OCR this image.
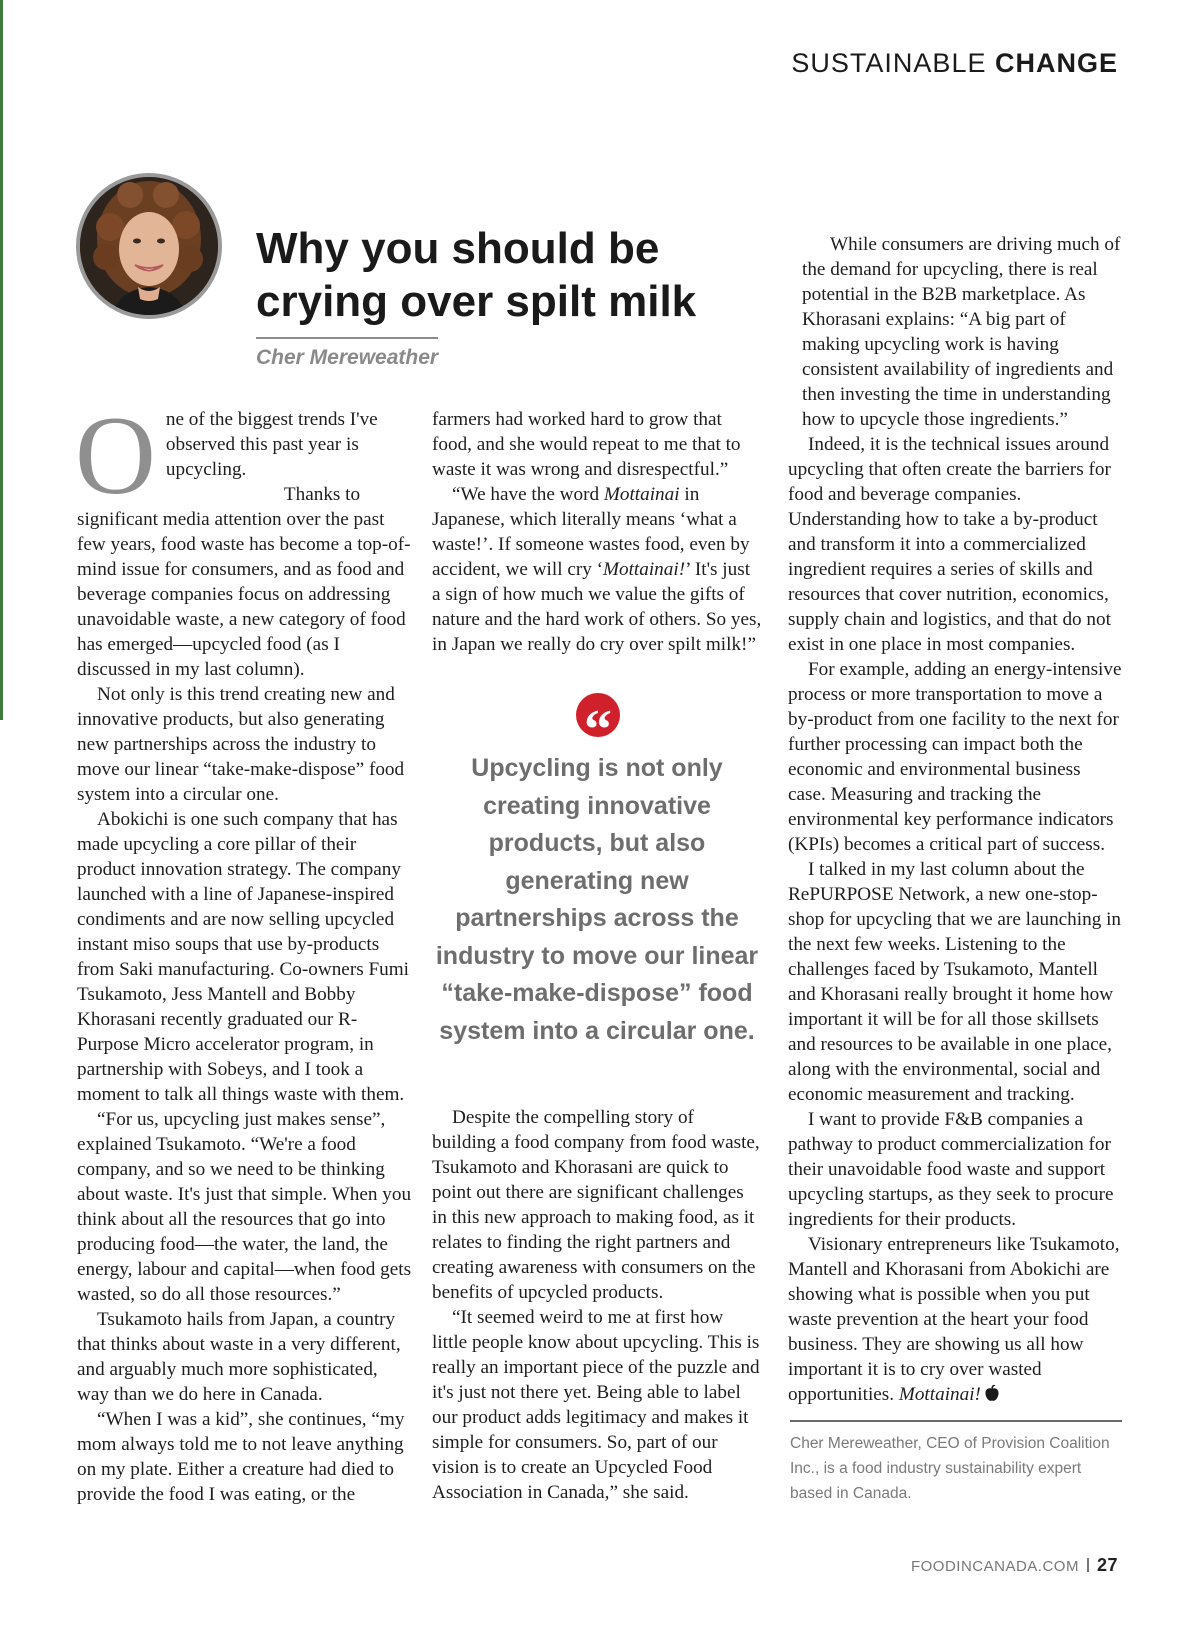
SUSTAINABLE CHANGE
Why you should be crying over spilt milk
Cher Mereweather

One of the biggest trends I've observed this past year is upcycling.

Thanks to significant media attention over the past few years, food waste has become a top-of-mind issue for consumers, and as food and beverage companies focus on addressing unavoidable waste, a new category of food has emerged—upcycled food (as I discussed in my last column).

Not only is this trend creating new and innovative products, but also generating new partnerships across the industry to move our linear “take-make-dispose” food system into a circular one.

Abokichi is one such company that has made upcycling a core pillar of their product innovation strategy. The company launched with a line of Japanese-inspired condiments and are now selling upcycled instant miso soups that use by-products from Saki manufacturing. Co-owners Fumi Tsukamoto, Jess Mantell and Bobby Khorasani recently graduated our R-Purpose Micro accelerator program, in partnership with Sobeys, and I took a moment to talk all things waste with them.

“For us, upcycling just makes sense”, explained Tsukamoto. “We're a food company, and so we need to be thinking about waste. It's just that simple. When you think about all the resources that go into producing food—the water, the land, the energy, labour and capital—when food gets wasted, so do all those resources.”

Tsukamoto hails from Japan, a country that thinks about waste in a very different, and arguably much more sophisticated, way than we do here in Canada.

“When I was a kid”, she continues, “my mom always told me to not leave anything on my plate. Either a creature had died to provide the food I was eating, or the

farmers had worked hard to grow that food, and she would repeat to me that to waste it was wrong and disrespectful.”

“We have the word Mottainai in Japanese, which literally means ‘what a waste!’. If someone wastes food, even by accident, we will cry ‘Mottainai!’ It's just a sign of how much we value the gifts of nature and the hard work of others. So yes, in Japan we really do cry over spilt milk!”

“

Upcycling is not only creating innovative products, but also generating new partnerships across the industry to move our linear “take-make-dispose” food system into a circular one.

Despite the compelling story of building a food company from food waste, Tsukamoto and Khorasani are quick to point out there are significant challenges in this new approach to making food, as it relates to finding the right partners and creating awareness with consumers on the benefits of upcycled products.

“It seemed weird to me at first how little people know about upcycling. This is really an important piece of the puzzle and it's just not there yet. Being able to label our product adds legitimacy and makes it simple for consumers. So, part of our vision is to create an Upcycled Food Association in Canada,” she said.

While consumers are driving much of the demand for upcycling, there is real potential in the B2B marketplace. As Khorasani explains: “A big part of making upcycling work is having consistent availability of ingredients and then investing the time in understanding how to upcycle those ingredients.”

Indeed, it is the technical issues around upcycling that often create the barriers for food and beverage companies. Understanding how to take a by-product and transform it into a commercialized ingredient requires a series of skills and resources that cover nutrition, economics, supply chain and logistics, and that do not exist in one place in most companies.

For example, adding an energy-intensive process or more transportation to move a by-product from one facility to the next for further processing can impact both the economic and environmental business case. Measuring and tracking the environmental key performance indicators (KPIs) becomes a critical part of success.

I talked in my last column about the RePURPOSE Network, a new one-stop-shop for upcycling that we are launching in the next few weeks. Listening to the challenges faced by Tsukamoto, Mantell and Khorasani really brought it home how important it will be for all those skillsets and resources to be available in one place, along with the environmental, social and economic measurement and tracking.

I want to provide F&B companies a pathway to product commercialization for their unavoidable food waste and support upcycling startups, as they seek to procure ingredients for their products.

Visionary entrepreneurs like Tsukamoto, Mantell and Khorasani from Abokichi are showing what is possible when you put waste prevention at the heart your food business. They are showing us all how important it is to cry over wasted opportunities. Mottainai!

Cher Mereweather, CEO of Provision Coalition Inc., is a food industry sustainability expert based in Canada.

FOODINCANADA.COM 27
